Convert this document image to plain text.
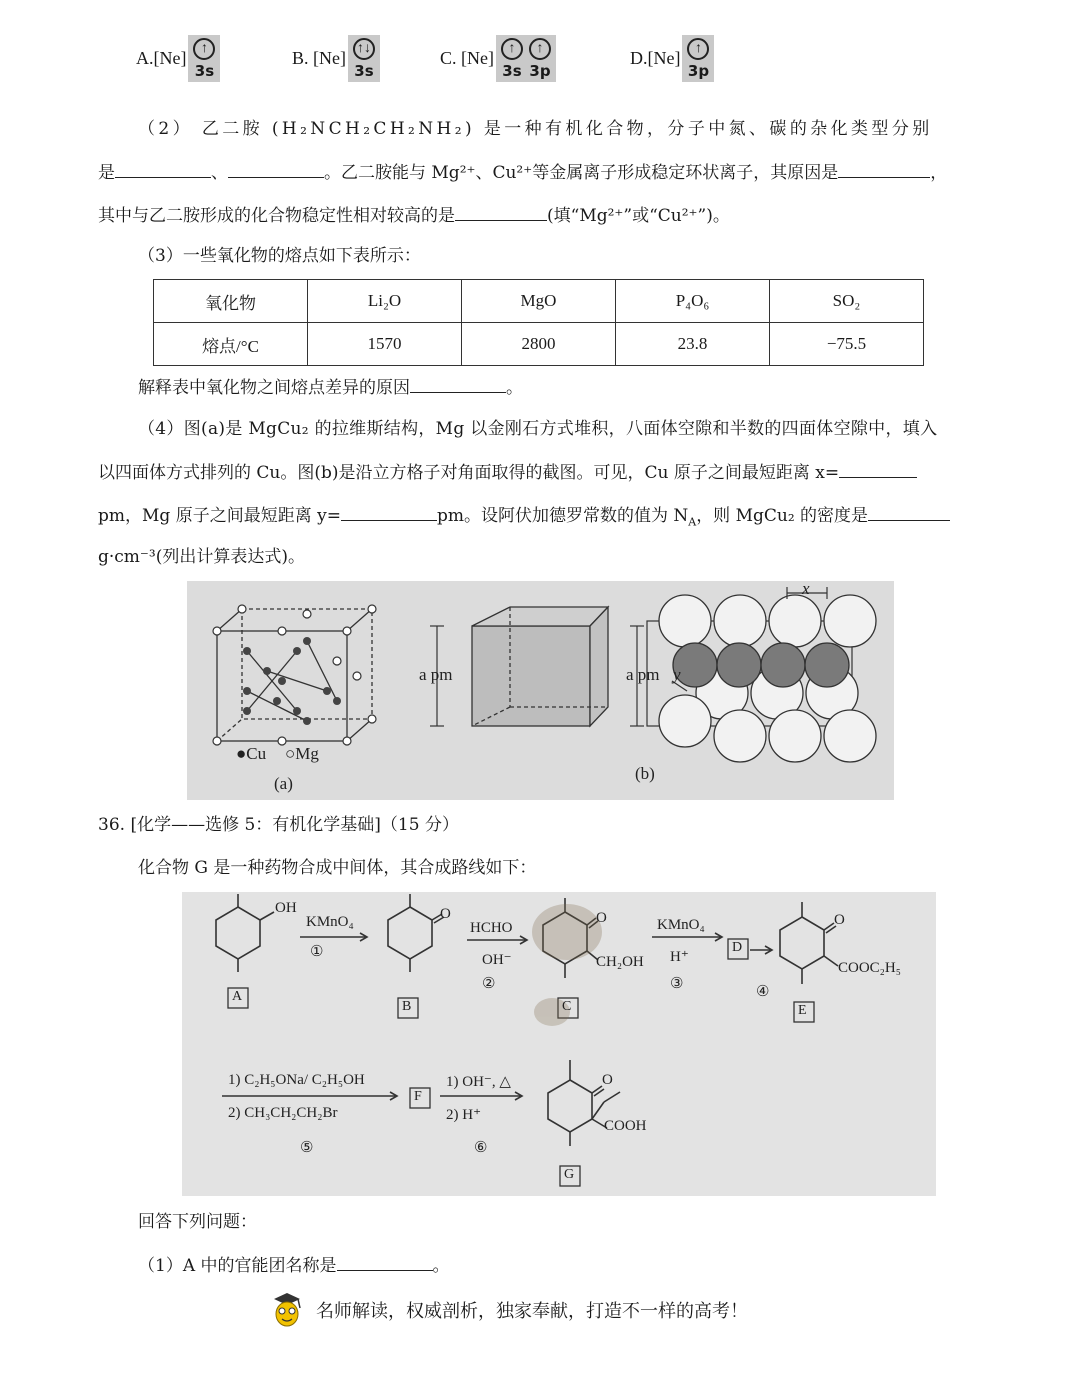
A.[Ne]	↑
3s
B. [Ne] ↑↓
3s
C. [Ne]	↑
3s
↑
3p
D.[Ne]	↑
3p
（2） 乙二胺 (H₂NCH₂CH₂NH₂) 是一种有机化合物，分子中氮、碳的杂化类型分别
是	、	。乙二胺能与 Mg²⁺、Cu²⁺等金属离子形成稳定环状离子，其原因是	，
其中与乙二胺形成的化合物稳定性相对较高的是	(填“Mg²⁺”或“Cu²⁺”)。
（3）一些氧化物的熔点如下表所示：
氧化物	Li₂O	MgO	P₄O₆	SO₂
熔点/°C	1570	2800	23.8	−75.5
解释表中氧化物之间熔点差异的原因	。
（4）图(a)是 MgCu₂ 的拉维斯结构，Mg 以金刚石方式堆积，八面体空隙和半数的四面体空隙中，填入
以四面体方式排列的 Cu。图(b)是沿立方格子对角面取得的截图。可见，Cu 原子之间最短距离 x=
pm，Mg 原子之间最短距离 y=	pm。设阿伏加德罗常数的值为 $N_A$，则 MgCu₂ 的密度是
g·cm⁻³(列出计算表达式)。
●Cu ○Mg
(a)
(b)
a pm	a pm
x
y
36. [化学——选修 5：有机化学基础]（15 分）
化合物 G 是一种药物合成中间体，其合成路线如下：
OH
KMnO₄
①
A
O
B
HCHO
OH⁻
②
O
CH₂OH
C
KMnO₄
H⁺
③
D
④
O
COOC₂H₅
E
1) C₂H₅ONa/ C₂H₅OH
2) CH₃CH₂CH₂Br
⑤
F
1) OH⁻, △
2) H⁺
⑥
O
COOH
G
回答下列问题：
（1）A 中的官能团名称是	。
名师解读，权威剖析，独家奉献，打造不一样的高考！
